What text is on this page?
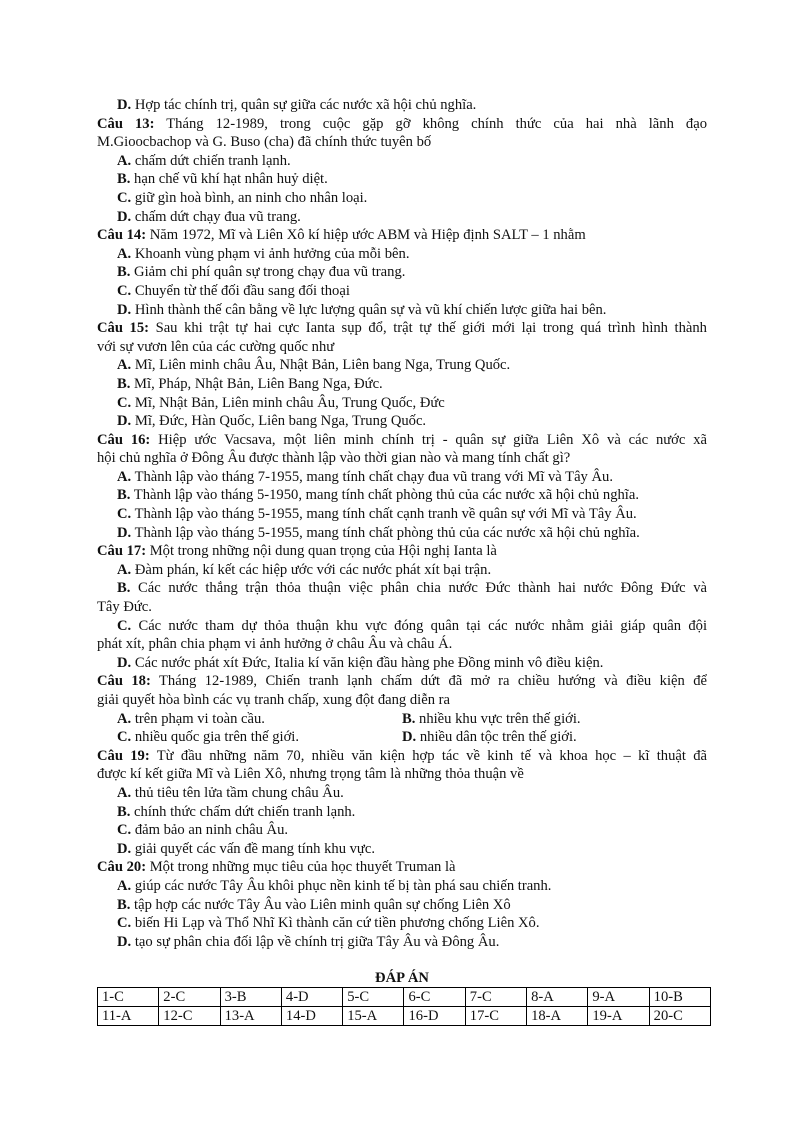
D. Hợp tác chính trị, quân sự giữa các nước xã hội chủ nghĩa.
Câu 13: Tháng 12-1989, trong cuộc gặp gỡ không chính thức của hai nhà lãnh đạo
M.Gioocbachop và G. Buso (cha) đã chính thức tuyên bố
A. chấm dứt chiến tranh lạnh.
B. hạn chế vũ khí hạt nhân huỷ diệt.
C. giữ gìn hoà bình, an ninh cho nhân loại.
D. chấm dứt chạy đua vũ trang.
Câu 14: Năm 1972, Mĩ và Liên Xô kí hiệp ước ABM và Hiệp định SALT – 1 nhằm
A. Khoanh vùng phạm vi ảnh hưởng của mỗi bên.
B. Giảm chi phí quân sự trong chạy đua vũ trang.
C. Chuyển từ thế đối đầu sang đối thoại
D. Hình thành thế cân bằng về lực lượng quân sự và vũ khí chiến lược giữa hai bên.
Câu 15: Sau khi trật tự hai cực Ianta sụp đổ, trật tự thế giới mới lại trong quá trình hình thành
với sự vươn lên của các cường quốc như
A. Mĩ, Liên minh châu Âu, Nhật Bản, Liên bang Nga, Trung Quốc.
B. Mĩ, Pháp, Nhật Bản, Liên Bang Nga, Đức.
C. Mĩ, Nhật Bản, Liên minh châu Âu, Trung Quốc, Đức
D. Mĩ, Đức, Hàn Quốc, Liên bang Nga, Trung Quốc.
Câu 16: Hiệp ước Vacsava, một liên minh chính trị - quân sự giữa Liên Xô và các nước xã
hội chủ nghĩa ở Đông Âu được thành lập vào thời gian nào và mang tính chất gì?
A. Thành lập vào tháng 7-1955, mang tính chất chạy đua vũ trang với Mĩ và Tây Âu.
B. Thành lập vào tháng 5-1950, mang tính chất phòng thủ của các nước xã hội chủ nghĩa.
C. Thành lập vào tháng 5-1955, mang tính chất cạnh tranh về quân sự với Mĩ và Tây Âu.
D. Thành lập vào tháng 5-1955, mang tính chất phòng thủ của các nước xã hội chủ nghĩa.
Câu 17: Một trong những nội dung quan trọng của Hội nghị Ianta là
A. Đàm phán, kí kết các hiệp ước với các nước phát xít bại trận.
B. Các nước thắng trận thỏa thuận việc phân chia nước Đức thành hai nước Đông Đức và
Tây Đức.
C. Các nước tham dự thỏa thuận khu vực đóng quân tại các nước nhằm giải giáp quân đội
phát xít, phân chia phạm vi ảnh hưởng ở châu Âu và châu Á.
D. Các nước phát xít Đức, Italia kí văn kiện đầu hàng phe Đồng minh vô điều kiện.
Câu 18: Tháng 12-1989, Chiến tranh lạnh chấm dứt đã mở ra chiều hướng và điều kiện để
giải quyết hòa bình các vụ tranh chấp, xung đột đang diễn ra
A. trên phạm vi toàn cầu.	B. nhiều khu vực trên thế giới.
C. nhiều quốc gia trên thế giới.	D. nhiều dân tộc trên thế giới.
Câu 19: Từ đầu những năm 70, nhiều văn kiện hợp tác về kinh tế và khoa học – kĩ thuật đã
được kí kết giữa Mĩ và Liên Xô, nhưng trọng tâm là những thỏa thuận về
A. thủ tiêu tên lửa tầm chung châu Âu.
B. chính thức chấm dứt chiến tranh lạnh.
C. đảm bảo an ninh châu Âu.
D. giải quyết các vấn đề mang tính khu vực.
Câu 20: Một trong những mục tiêu của học thuyết Truman là
A. giúp các nước Tây Âu khôi phục nền kinh tế bị tàn phá sau chiến tranh.
B. tập hợp các nước Tây Âu vào Liên minh quân sự chống Liên Xô
C. biến Hi Lạp và Thổ Nhĩ Kì thành căn cứ tiền phương chống Liên Xô.
D. tạo sự phân chia đối lập về chính trị giữa Tây Âu và Đông Âu.
ĐÁP ÁN
1-C	2-C	3-B	4-D	5-C	6-C	7-C	8-A	9-A	10-B
11-A	12-C	13-A	14-D	15-A	16-D	17-C	18-A	19-A	20-C
